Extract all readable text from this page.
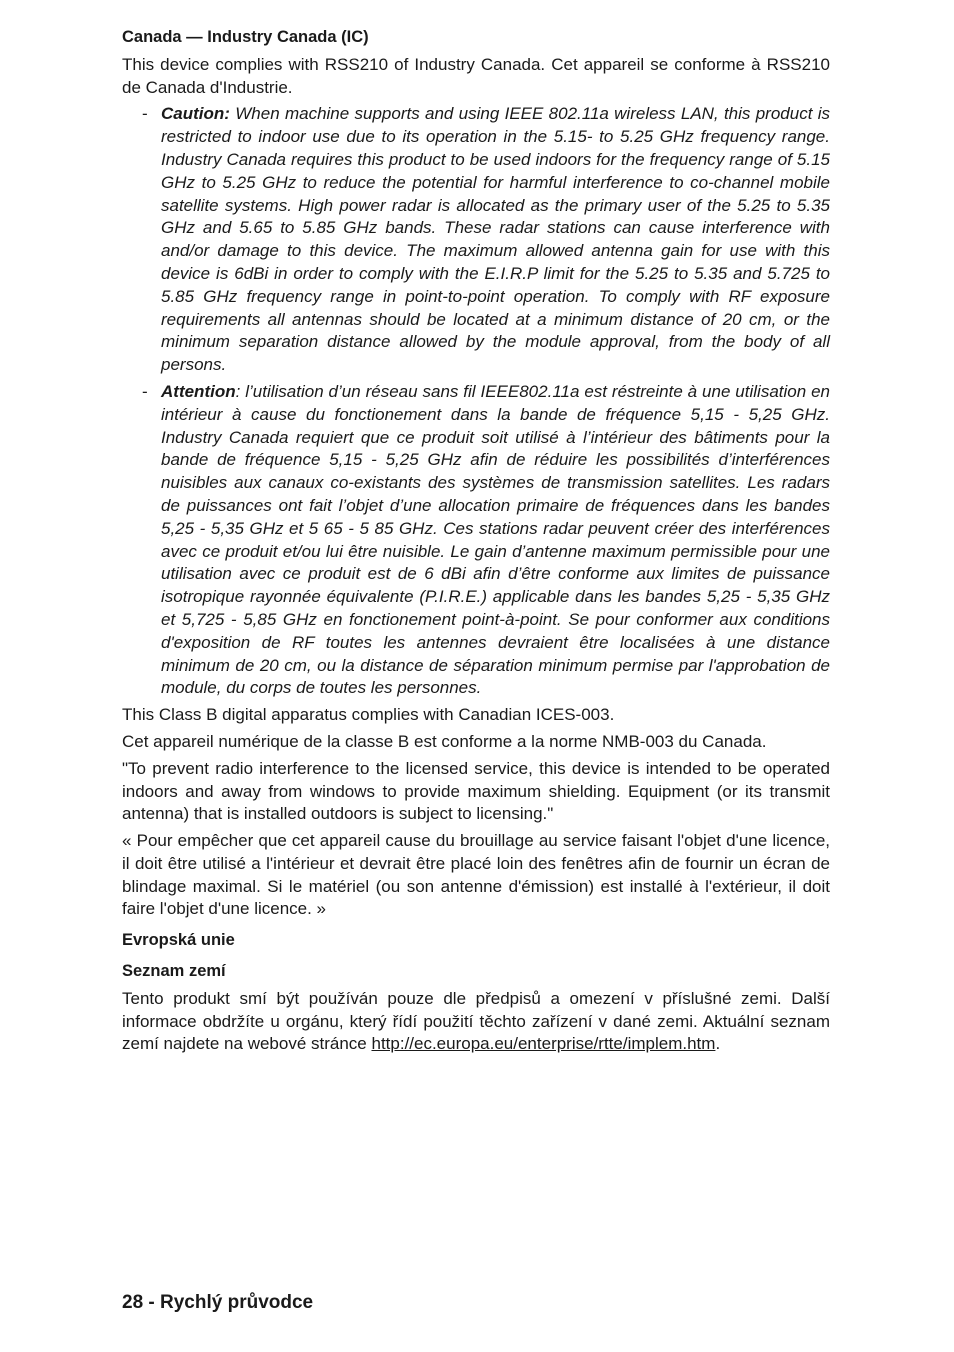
Canada — Industry Canada (IC)
This device complies with RSS210 of Industry Canada. Cet appareil se conforme à RSS210 de Canada d'Industrie.
- Caution: When machine supports and using IEEE 802.11a wireless LAN, this product is restricted to indoor use due to its operation in the 5.15- to 5.25 GHz frequency range. Industry Canada requires this product to be used indoors for the frequency range of 5.15 GHz to 5.25 GHz to reduce the potential for harmful interference to co-channel mobile satellite systems. High power radar is allocated as the primary user of the 5.25 to 5.35 GHz and 5.65 to 5.85 GHz bands. These radar stations can cause interference with and/or damage to this device. The maximum allowed antenna gain for use with this device is 6dBi in order to comply with the E.I.R.P limit for the 5.25 to 5.35 and 5.725 to 5.85 GHz frequency range in point-to-point operation. To comply with RF exposure requirements all antennas should be located at a minimum distance of 20 cm, or the minimum separation distance allowed by the module approval, from the body of all persons.
- Attention: l’utilisation d’un réseau sans fil IEEE802.11a est réstreinte à une utilisation en intérieur à cause du fonctionement dans la bande de fréquence 5,15 - 5,25 GHz. Industry Canada requiert que ce produit soit utilisé à l’intérieur des bâtiments pour la bande de fréquence 5,15 - 5,25 GHz afin de réduire les possibilités d’interférences nuisibles aux canaux co-existants des systèmes de transmission satellites. Les radars de puissances ont fait l’objet d’une allocation primaire de fréquences dans les bandes 5,25 - 5,35 GHz et 5 65 - 5 85 GHz. Ces stations radar peuvent créer des interférences avec ce produit et/ou lui être nuisible. Le gain d’antenne maximum permissible pour une utilisation avec ce produit est de 6 dBi afin d’être conforme aux limites de puissance isotropique rayonnée équivalente (P.I.R.E.) applicable dans les bandes 5,25 - 5,35 GHz et 5,725 - 5,85 GHz en fonctionement point-à-point. Se pour conformer aux conditions d'exposition de RF toutes les antennes devraient être localisées à une distance minimum de 20 cm, ou la distance de séparation minimum permise par l'approbation de module, du corps de toutes les personnes.
This Class B digital apparatus complies with Canadian ICES-003.
Cet appareil numérique de la classe B est conforme a la norme NMB-003 du Canada.
"To prevent radio interference to the licensed service, this device is intended to be operated indoors and away from windows to provide maximum shielding. Equipment (or its transmit antenna) that is installed outdoors is subject to licensing."
« Pour empêcher que cet appareil cause du brouillage au service faisant l'objet d'une licence, il doit être utilisé a l'intérieur et devrait être placé loin des fenêtres afin de fournir un écran de blindage maximal. Si le matériel (ou son antenne d'émission) est installé à l'extérieur, il doit faire l'objet d'une licence. »
Evropská unie
Seznam zemí
Tento produkt smí být používán pouze dle předpisů a omezení v příslušné zemi. Další informace obdržíte u orgánu, který řídí použití těchto zařízení v dané zemi. Aktuální seznam zemí najdete na webové stránce http://ec.europa.eu/enterprise/rtte/implem.htm.
28 - Rychlý průvodce
